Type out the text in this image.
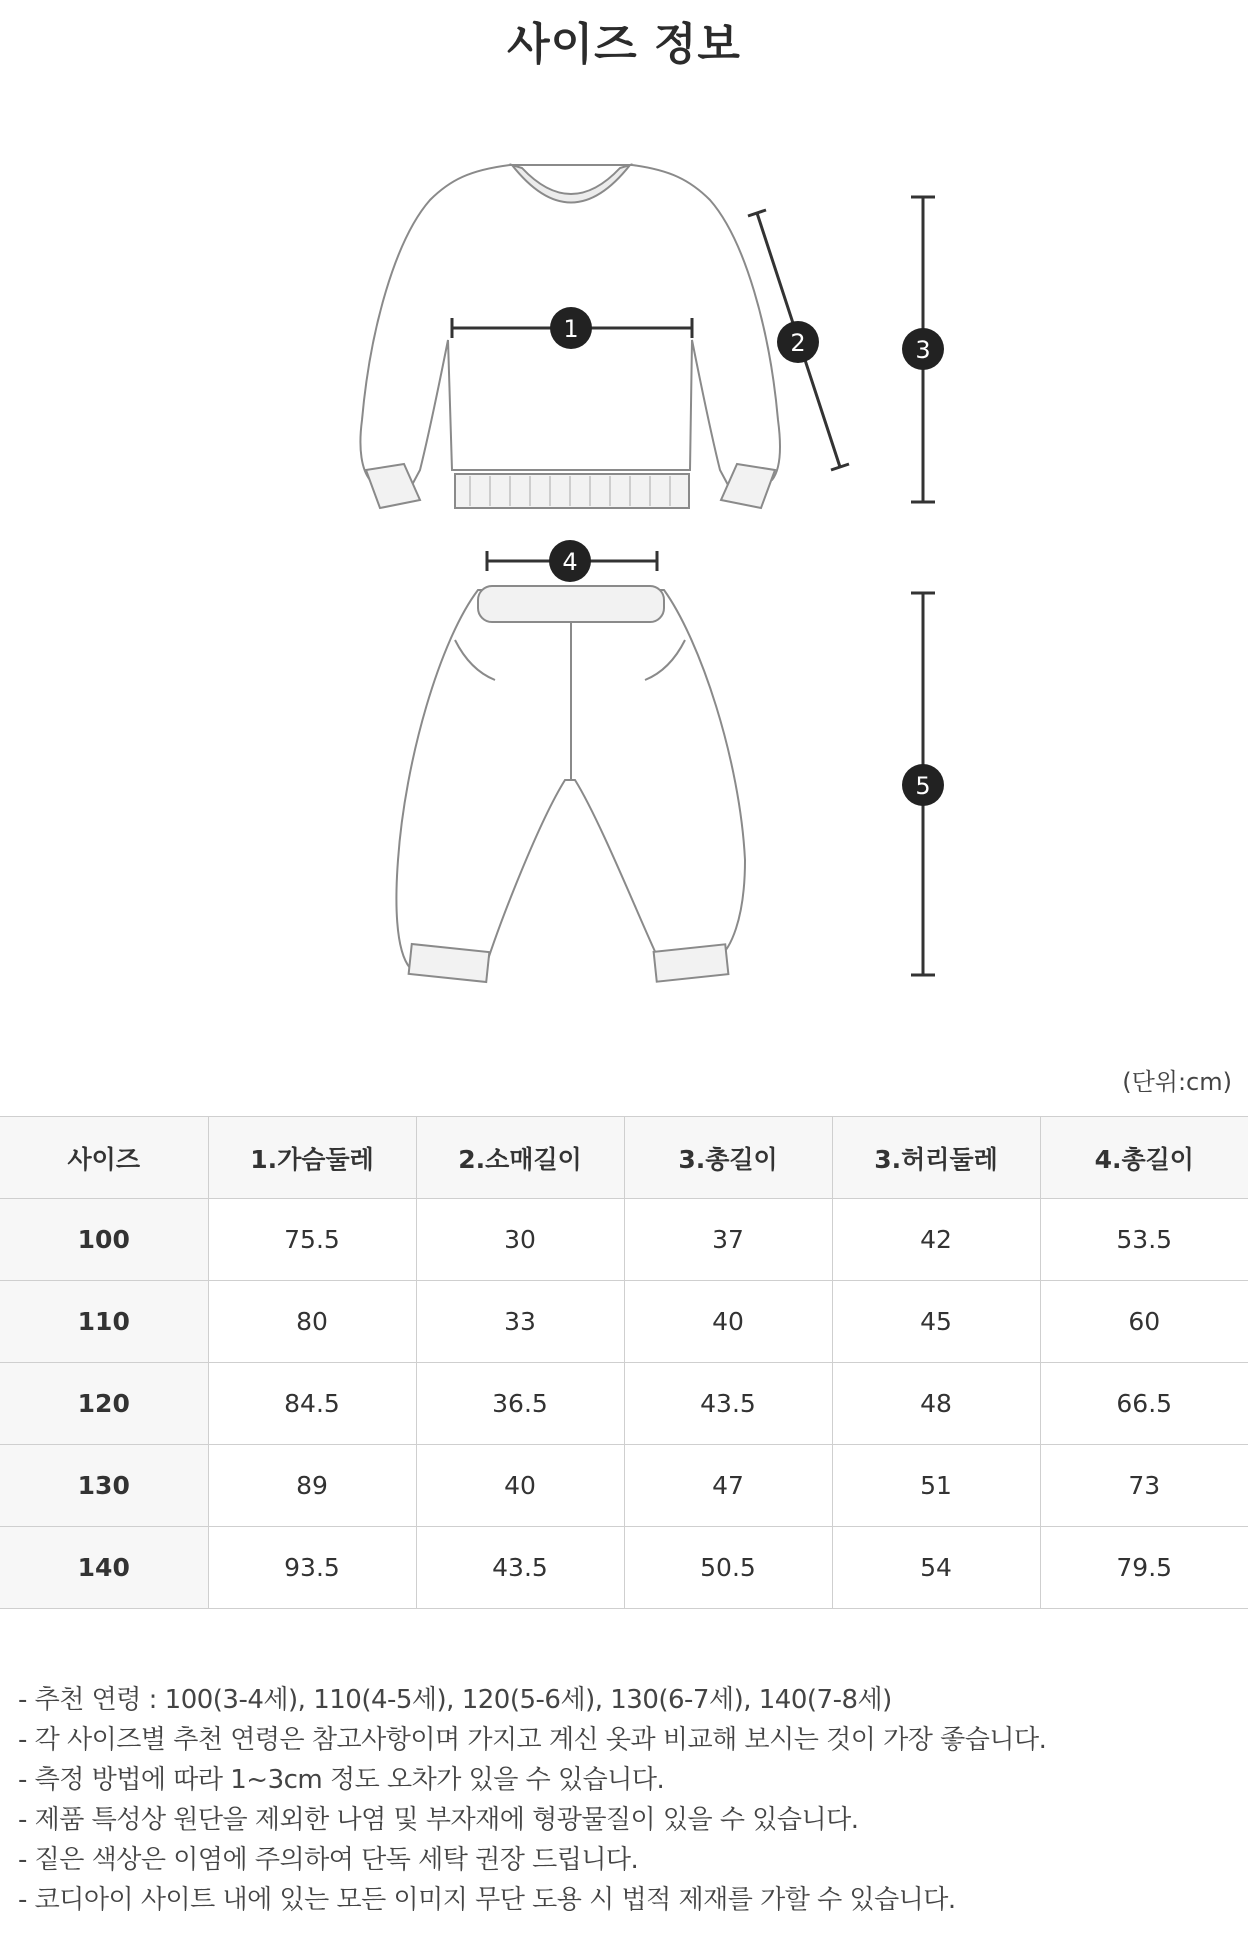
사이즈 정보
1	2	3
4
5
(단위:cm)
사이즈	1.가슴둘레	2.소매길이	3.총길이	3.허리둘레	4.총길이
100	75.5	30	37	42	53.5
110	80	33	40	45	60
120	84.5	36.5	43.5	48	66.5
130	89	40	47	51	73
140	93.5	43.5	50.5	54	79.5
- 추천 연령 : 100(3-4세), 110(4-5세), 120(5-6세), 130(6-7세), 140(7-8세)
- 각 사이즈별 추천 연령은 참고사항이며 가지고 계신 옷과 비교해 보시는 것이 가장 좋습니다.
- 측정 방법에 따라 1~3cm 정도 오차가 있을 수 있습니다.
- 제품 특성상 원단을 제외한 나염 및 부자재에 형광물질이 있을 수 있습니다.
- 짙은 색상은 이염에 주의하여 단독 세탁 권장 드립니다.
- 코디아이 사이트 내에 있는 모든 이미지 무단 도용 시 법적 제재를 가할 수 있습니다.
